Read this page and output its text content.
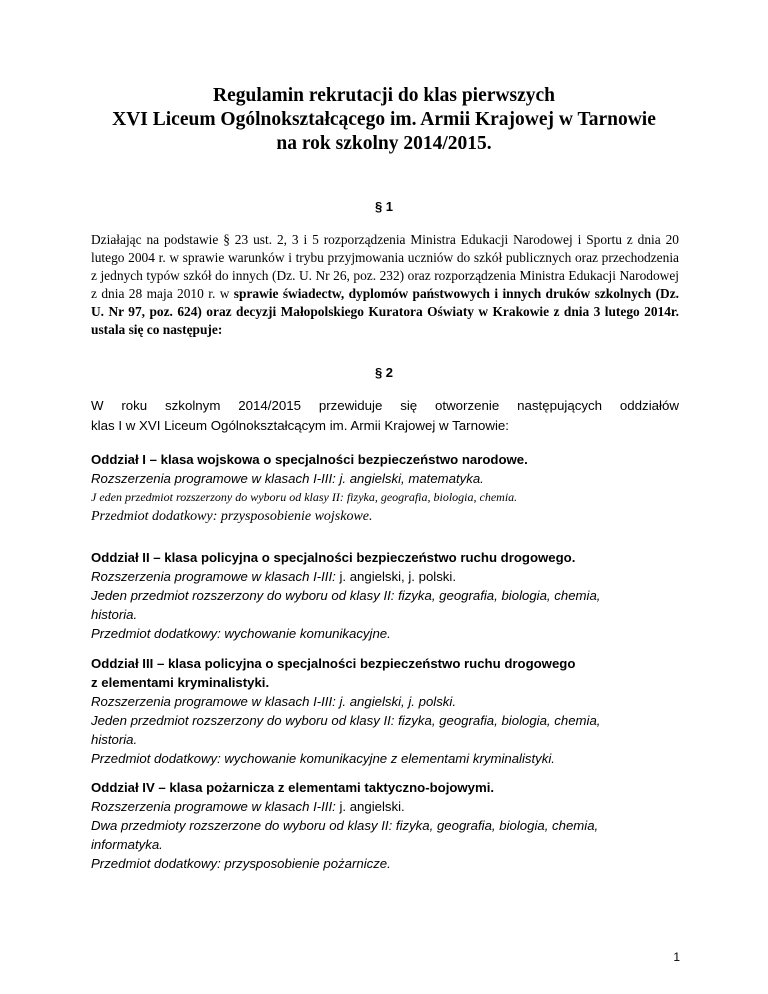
Regulamin rekrutacji do klas pierwszych
XVI Liceum Ogólnokształcącego im. Armii Krajowej w Tarnowie
na rok szkolny 2014/2015.
§ 1
Działając na podstawie § 23 ust. 2, 3 i 5 rozporządzenia Ministra Edukacji Narodowej i Sportu z dnia 20 lutego 2004 r. w sprawie warunków i trybu przyjmowania uczniów do szkół publicznych oraz przechodzenia z jednych typów szkół do innych (Dz. U. Nr 26, poz. 232) oraz rozporządzenia Ministra Edukacji Narodowej z dnia 28 maja 2010 r. w sprawie świadectw, dyplomów państwowych i innych druków szkolnych (Dz. U. Nr 97, poz. 624) oraz decyzji Małopolskiego Kuratora Oświaty w Krakowie z dnia 3 lutego 2014r. ustala się co następuje:
§ 2
W roku szkolnym 2014/2015 przewiduje się otworzenie następujących oddziałów
klas I w XVI Liceum Ogólnokształcącym im. Armii Krajowej w Tarnowie:
Oddział I – klasa wojskowa o specjalności bezpieczeństwo narodowe.
Rozszerzenia programowe w klasach I-III: j. angielski, matematyka.
J eden przedmiot rozszerzony do wyboru od klasy II: fizyka, geografia, biologia, chemia.
Przedmiot dodatkowy: przysposobienie wojskowe.
Oddział II – klasa policyjna o specjalności bezpieczeństwo ruchu drogowego.
Rozszerzenia programowe w klasach I-III: j. angielski, j. polski.
Jeden przedmiot rozszerzony do wyboru od klasy II: fizyka, geografia, biologia, chemia,
historia.
Przedmiot dodatkowy: wychowanie komunikacyjne.
Oddział III – klasa policyjna o specjalności bezpieczeństwo ruchu drogowego
z elementami kryminalistyki.
Rozszerzenia programowe w klasach I-III: j. angielski, j. polski.
Jeden przedmiot rozszerzony do wyboru od klasy II: fizyka, geografia, biologia, chemia,
historia.
Przedmiot dodatkowy: wychowanie komunikacyjne z elementami kryminalistyki.
Oddział IV – klasa pożarnicza z elementami taktyczno-bojowymi.
Rozszerzenia programowe w klasach I-III: j. angielski.
Dwa przedmioty rozszerzone do wyboru od klasy II: fizyka, geografia, biologia, chemia,
informatyka.
Przedmiot dodatkowy: przysposobienie pożarnicze.
1
